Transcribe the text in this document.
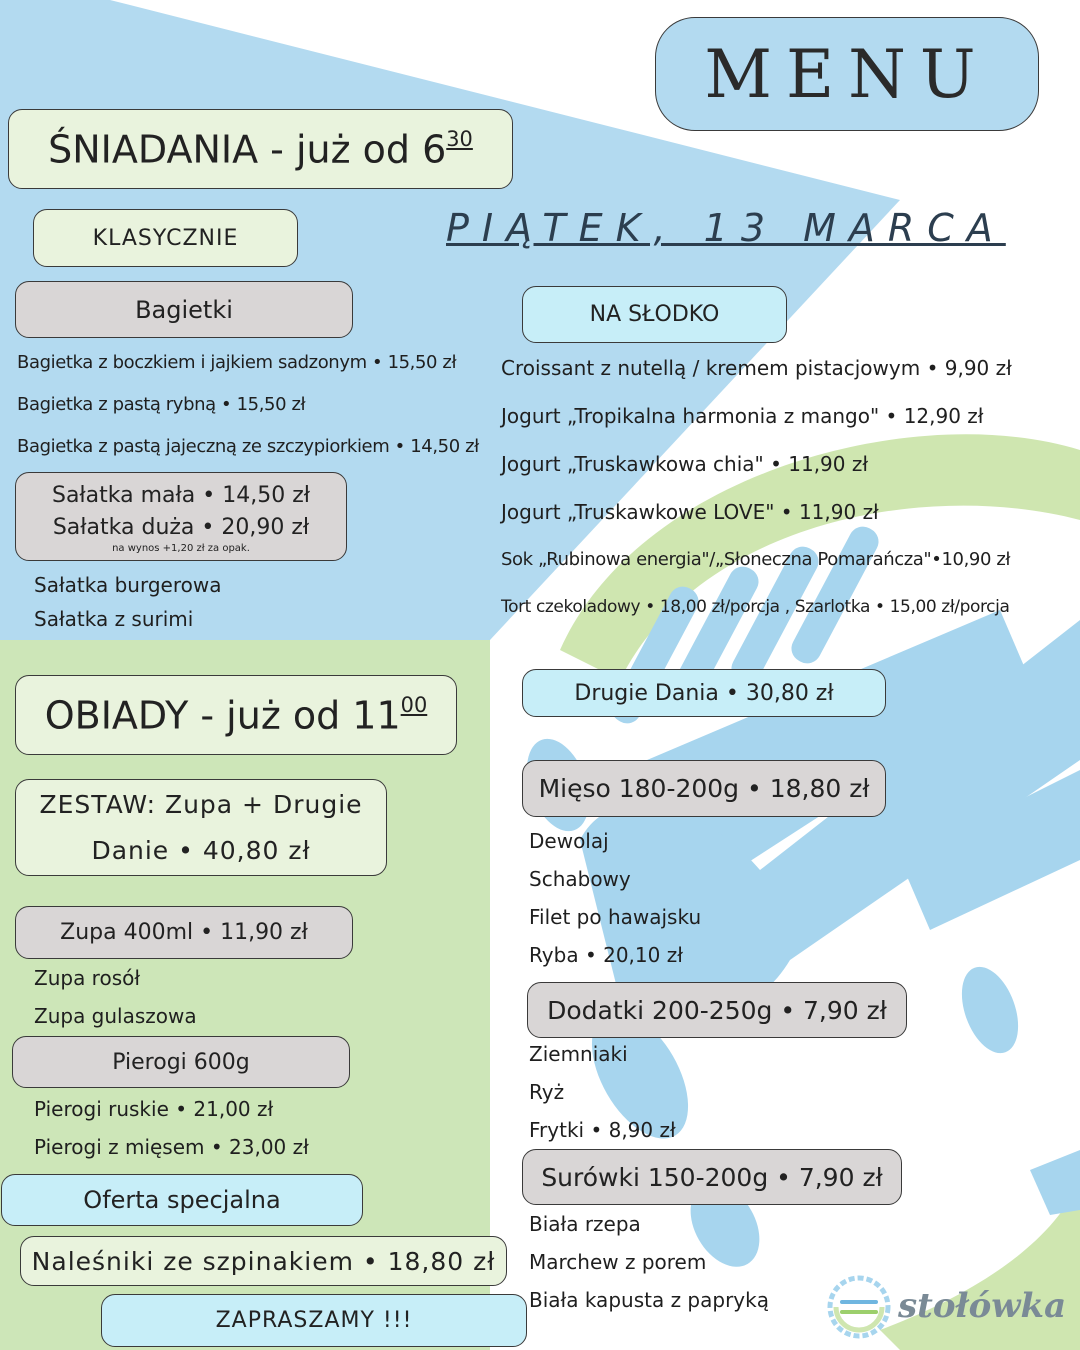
MENU
PIĄTEK, 13 MARCA
ŚNIADANIA - już od $6^{30}$
KLASYCZNIE
Bagietki
Bagietka z boczkiem i jajkiem sadzonym • 15,50 zł
Bagietka z pastą rybną • 15,50 zł
Bagietka z pastą jajeczną ze szczypiorkiem • 14,50 zł
Sałatka mała • 14,50 zł
Sałatka duża • 20,90 zł
na wynos +1,20 zł za opak.
Sałatka burgerowa
Sałatka z surimi
NA SŁODKO
Croissant z nutellą / kremem pistacjowym • 9,90 zł
Jogurt „Tropikalna harmonia z mango" • 12,90 zł
Jogurt „Truskawkowa chia" • 11,90 zł
Jogurt „Truskawkowe LOVE" • 11,90 zł
Sok „Rubinowa energia"/„Słoneczna Pomarańcza"•10,90 zł
Tort czekoladowy • 18,00 zł/porcja , Szarlotka • 15,00 zł/porcja
OBIADY - już od $11^{00}$
ZESTAW: Zupa + Drugie
Danie • 40,80 zł
Zupa 400ml • 11,90 zł
Zupa rosół
Zupa gulaszowa
Pierogi 600g
Pierogi ruskie • 21,00 zł
Pierogi z mięsem • 23,00 zł
Oferta specjalna
Naleśniki ze szpinakiem • 18,80 zł
ZAPRASZAMY !!!
Drugie Dania • 30,80 zł
Mięso 180-200g • 18,80 zł
Dewolaj
Schabowy
Filet po hawajsku
Ryba • 20,10 zł
Dodatki 200-250g • 7,90 zł
Ziemniaki
Ryż
Frytki • 8,90 zł
Surówki 150-200g • 7,90 zł
Biała rzepa
Marchew z porem
Biała kapusta z papryką	stołówka
